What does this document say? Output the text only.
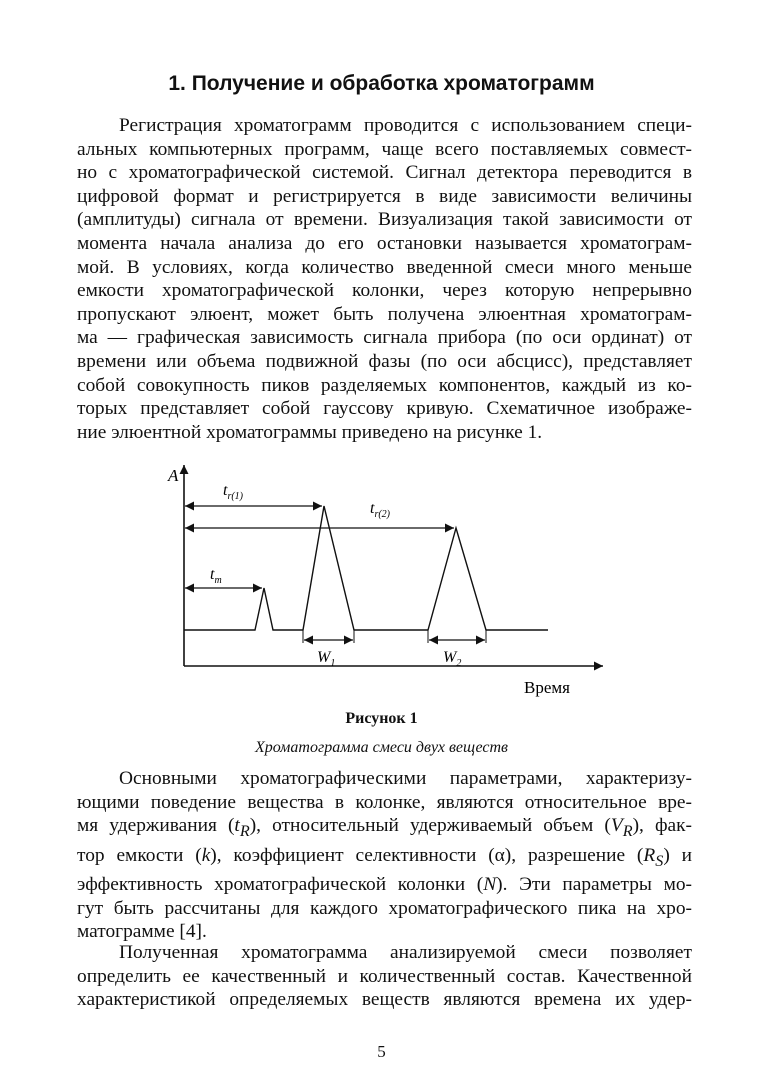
1. Получение и обработка хроматограмм
Регистрация хроматограмм проводится с использованием специ-
альных компьютерных программ, чаще всего поставляемых совмест-
но с хроматографической системой. Сигнал детектора переводится в
цифровой формат и регистрируется в виде зависимости величины
(амплитуды) сигнала от времени. Визуализация такой зависимости от
момента начала анализа до его остановки называется хроматограм-
мой. В условиях, когда количество введенной смеси много меньше
емкости хроматографической колонки, через которую непрерывно
пропускают элюент, может быть получена элюентная хроматограм-
ма — графическая зависимость сигнала прибора (по оси ординат) от
времени или объема подвижной фазы (по оси абсцисс), представляет
собой совокупность пиков разделяемых компонентов, каждый из ко-
торых представляет собой гауссову кривую. Схематичное изображе-
ние элюентной хроматограммы приведено на рисунке 1.
A
Время
$t_{r(1)}$
$t_{r(2)}$
$t_m$
$W_1$	$W_2$
Рисунок 1
Хроматограмма смеси двух веществ
Основными хроматографическими параметрами, характеризу-
ющими поведение вещества в колонке, являются относительное вре-
мя удерживания $(t_R)$, относительный удерживаемый объем $(V_R)$, фак-
тор емкости (k), коэффициент селективности (α), разрешение $(R_S)$ и
эффективность хроматографической колонки (N). Эти параметры мо-
гут быть рассчитаны для каждого хроматографического пика на хро-
матограмме [4].
Полученная хроматограмма анализируемой смеси позволяет
определить ее качественный и количественный состав. Качественной
характеристикой определяемых веществ являются времена их удер-
5
